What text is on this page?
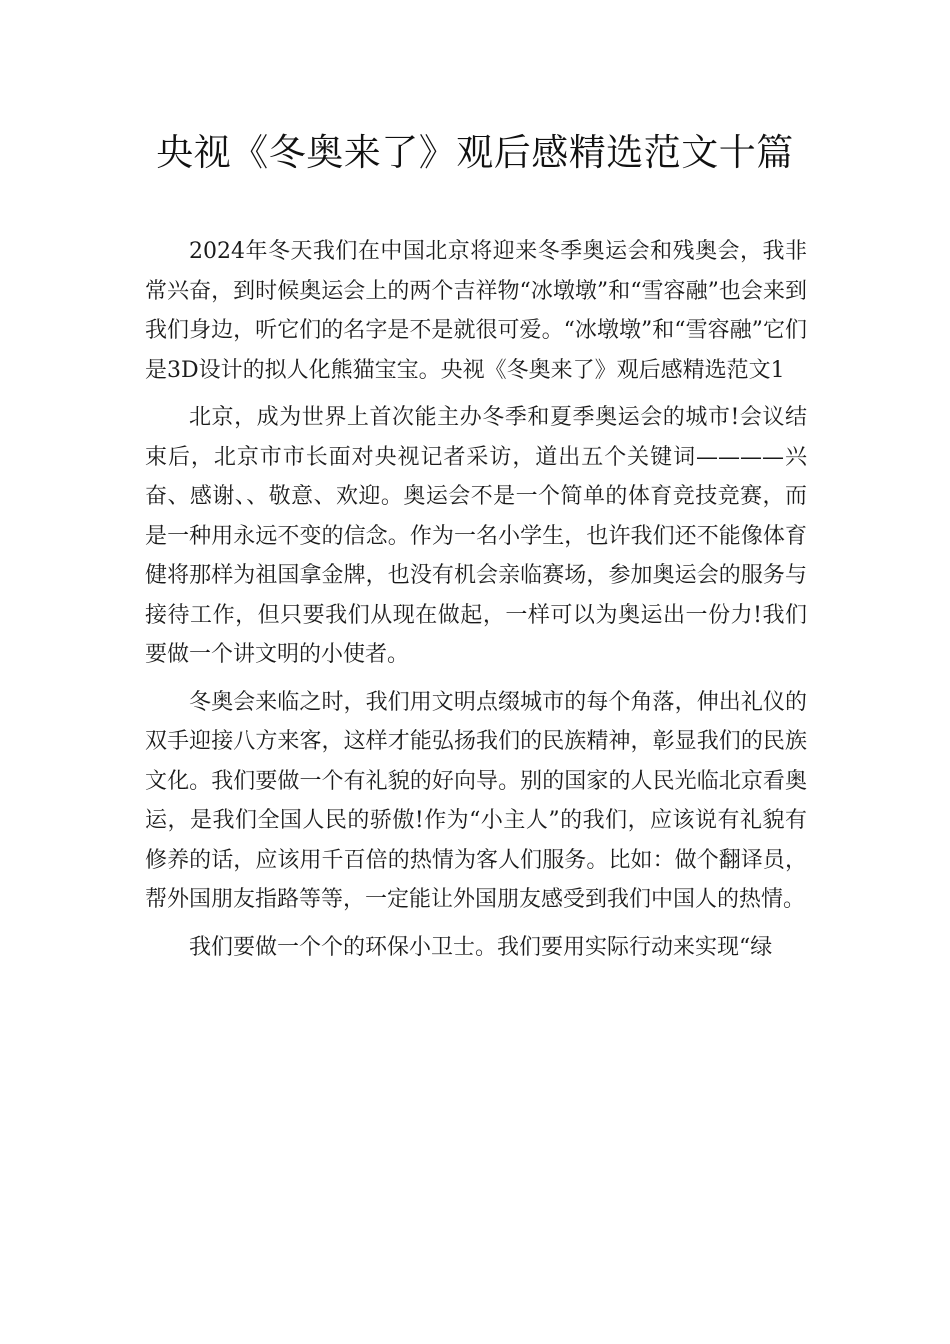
央视《冬奥来了》观后感精选范文十篇

2024年冬天我们在中国北京将迎来冬季奥运会和残奥会，我非常兴奋，到时候奥运会上的两个吉祥物“冰墩墩”和“雪容融”也会来到我们身边，听它们的名字是不是就很可爱。“冰墩墩”和“雪容融”它们是3D设计的拟人化熊猫宝宝。央视《冬奥来了》观后感精选范文1

北京，成为世界上首次能主办冬季和夏季奥运会的城市!会议结束后，北京市市长面对央视记者采访，道出五个关键词————兴奋、感谢、、敬意、欢迎。奥运会不是一个简单的体育竞技竞赛，而是一种用永远不变的信念。作为一名小学生，也许我们还不能像体育健将那样为祖国拿金牌，也没有机会亲临赛场，参加奥运会的服务与接待工作，但只要我们从现在做起，一样可以为奥运出一份力!我们要做一个讲文明的小使者。

冬奥会来临之时，我们用文明点缀城市的每个角落，伸出礼仪的双手迎接八方来客，这样才能弘扬我们的民族精神，彰显我们的民族文化。我们要做一个有礼貌的好向导。别的国家的人民光临北京看奥运，是我们全国人民的骄傲!作为“小主人”的我们，应该说有礼貌有修养的话，应该用千百倍的热情为客人们服务。比如：做个翻译员，帮外国朋友指路等等，一定能让外国朋友感受到我们中国人的热情。

我们要做一个个的环保小卫士。我们要用实际行动来实现“绿
